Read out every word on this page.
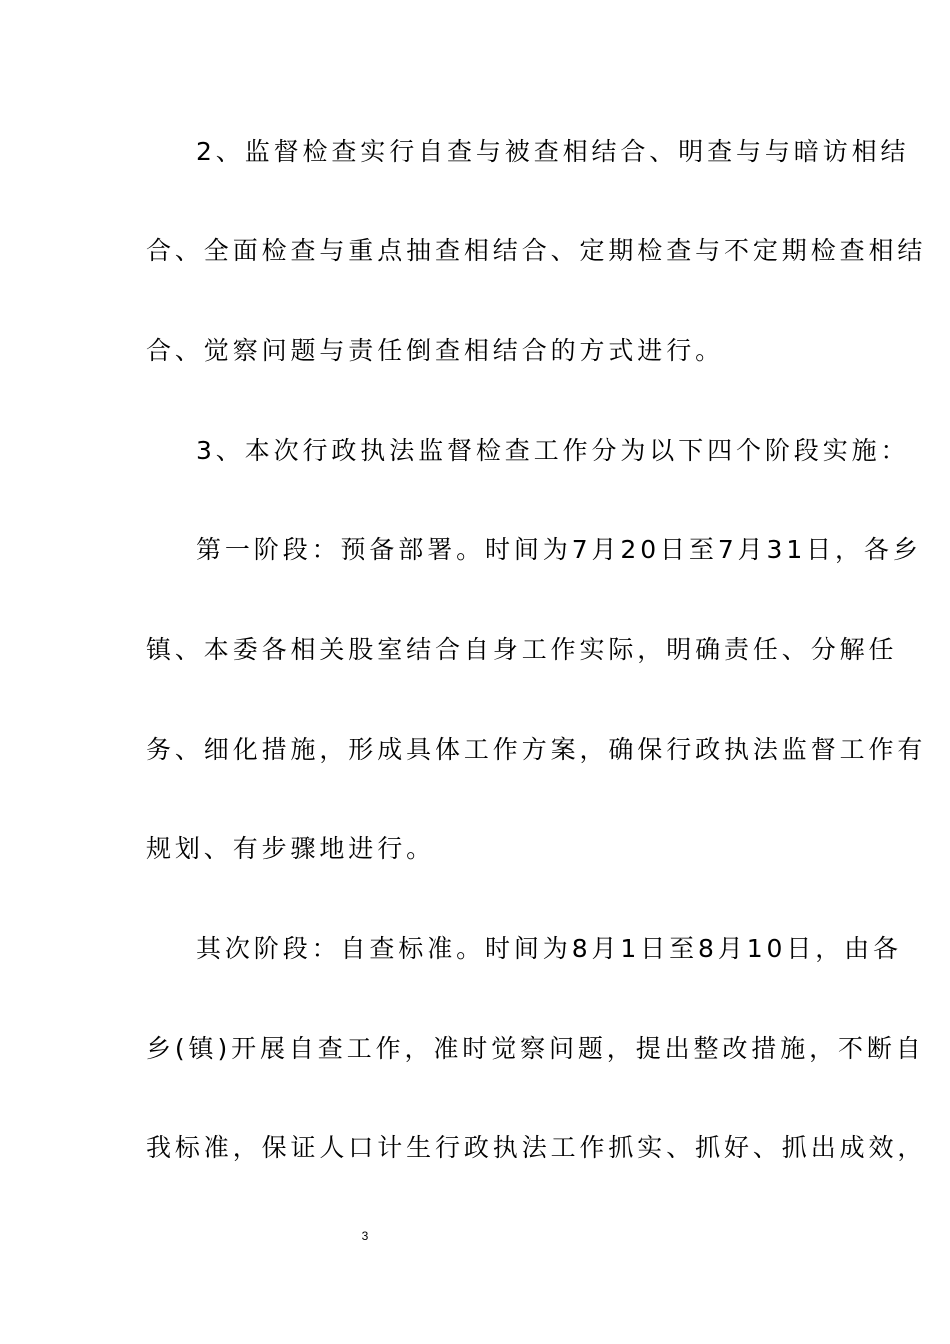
2、监督检查实行自查与被查相结合、明查与与暗访相结
合、全面检查与重点抽查相结合、定期检查与不定期检查相结
合、觉察问题与责任倒查相结合的方式进行。
3、本次行政执法监督检查工作分为以下四个阶段实施：
第一阶段：预备部署。时间为7月20日至7月31日，各乡
镇、本委各相关股室结合自身工作实际，明确责任、分解任
务、细化措施，形成具体工作方案，确保行政执法监督工作有
规划、有步骤地进行。
其次阶段：自查标准。时间为8月1日至8月10日，由各
乡(镇)开展自查工作，准时觉察问题，提出整改措施，不断自
我标准，保证人口计生行政执法工作抓实、抓好、抓出成效，
3
